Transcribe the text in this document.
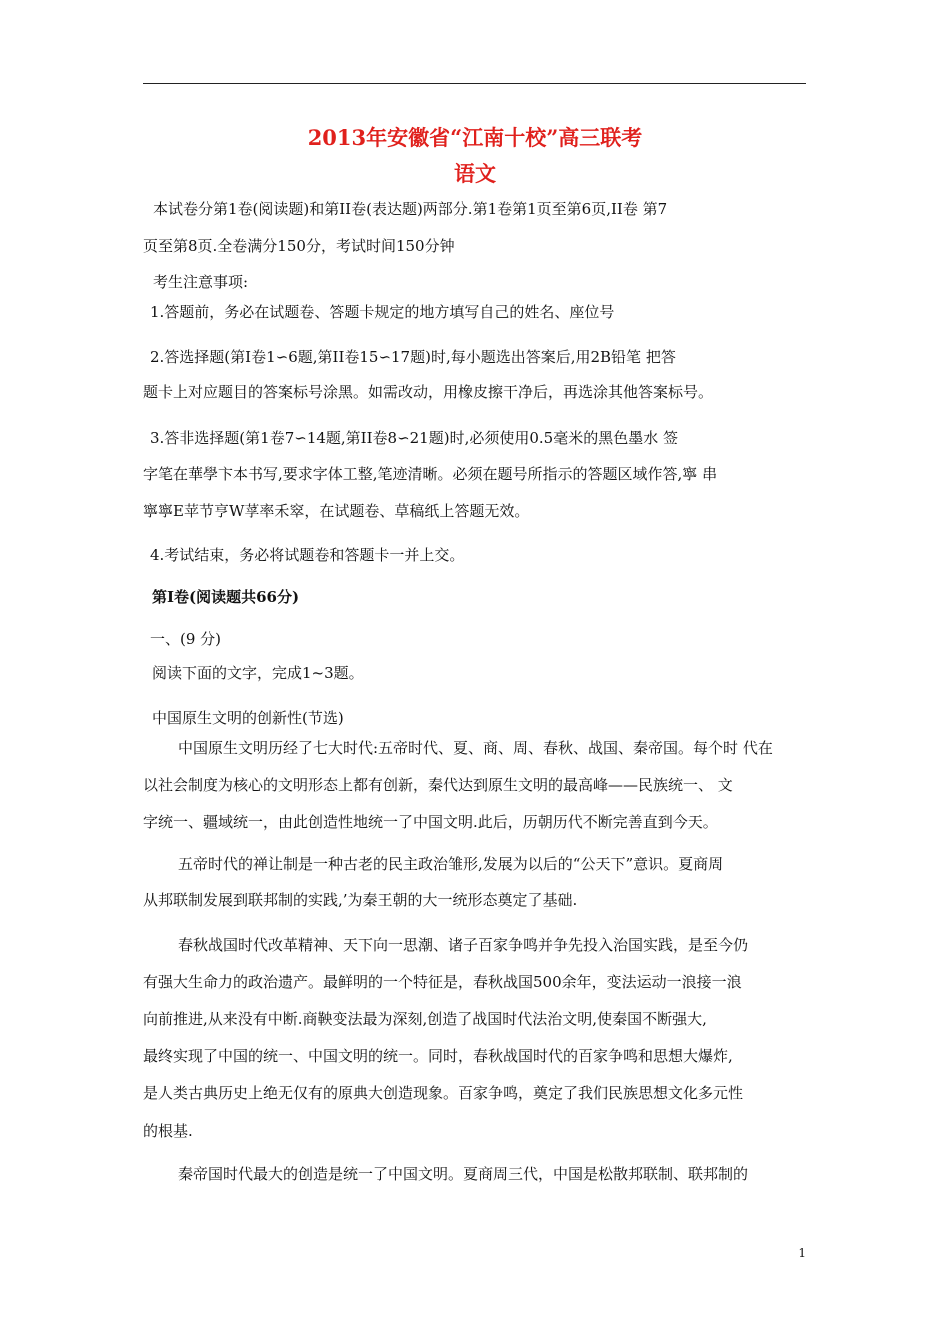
2013年安徽省“江南十校”高三联考
语文
本试卷分第1卷(阅读题)和第II卷(表达题)两部分.第1卷第1页至第6页,II卷 第7
页至第8页.全卷满分150分，考试时间150分钟
考生注意事项:
1.答题前，务必在试题卷、答题卡规定的地方填写自己的姓名、座位号
2.答选择题(第I卷1∽6题,第II卷15∽17题)时,每小题选出答案后,用2B铅笔 把答
题卡上对应题目的答案标号涂黑。如需改动，用橡皮擦干净后，再选涂其他答案标号。
3.答非选择题(第1卷7∽14题,第II卷8∽21题)时,必须使用0.5毫米的黑色墨水 签
字笔在華學卞本书写,要求字体工整,笔迹清晰。必须在题号所指示的答题区域作答,寧 串
寧寧E苹节亨W莩率禾窣，在试题卷、草稿纸上答题无效。
4.考试结束，务必将试题卷和答题卡一并上交。
第I卷(阅读题共66分)
一、(9 分)
阅读下面的文字，完成1~3题。
中国原生文明的创新性(节选)
中国原生文明历经了七大时代:五帝时代、夏、商、周、春秋、战国、秦帝国。每个时 代在
以社会制度为核心的文明形态上都有创新，秦代达到原生文明的最高峰——民族统一、 文
字统一、疆域统一，由此创造性地统一了中国文明.此后，历朝历代不断完善直到今天。
五帝时代的禅让制是一种古老的民主政治雏形,发展为以后的“公天下”意识。夏商周
从邦联制发展到联邦制的实践,’为秦王朝的大一统形态奠定了基础.
春秋战国时代改革精神、天下向一思潮、诸子百家争鸣并争先投入治国实践，是至今仍
有强大生命力的政治遗产。最鲜明的一个特征是，春秋战国500余年，变法运动一浪接一浪
向前推进,从来没有中断.商鞅变法最为深刻,创造了战国时代法治文明,使秦国不断强大,
最终实现了中国的统一、中国文明的统一。同时，春秋战国时代的百家争鸣和思想大爆炸,
是人类古典历史上绝无仅有的原典大创造现象。百家争鸣，奠定了我们民族思想文化多元性
的根基.
秦帝国时代最大的创造是统一了中国文明。夏商周三代，中国是松散邦联制、联邦制的
1
